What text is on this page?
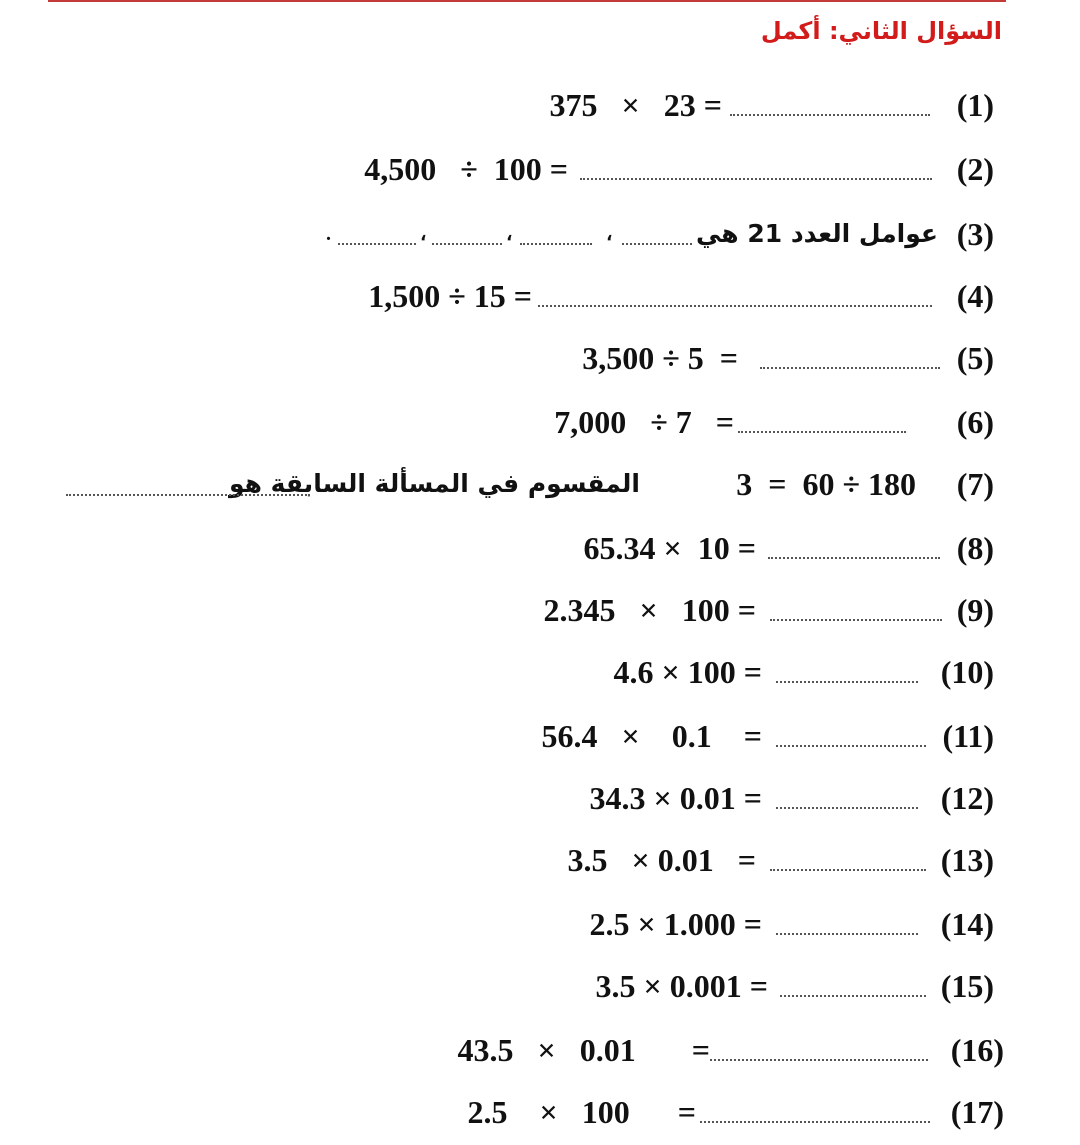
السؤال الثاني: أكمل
(1)
375   ×   23 =
(2)
4,500   ÷  100 =
(3)
عوامل العدد 21 هي
،
،
،
.
(4)
1,500 ÷ 15 =
(5)
3,500 ÷ 5  =
(6)
7,000   ÷ 7   =
(7)
3  =  60 ÷ 180
المقسوم في المسألة السابقة هو
(8)
65.34 ×  10 =
(9)
2.345   ×   100 =
(10)
4.6 × 100 =
(11)
56.4   ×    0.1    =
(12)
34.3 × 0.01 =
(13)
3.5   × 0.01   =
(14)
2.5 × 1.000 =
(15)
3.5 × 0.001 =
(16)
43.5   ×   0.01       =
(17)
2.5    ×   100      =
